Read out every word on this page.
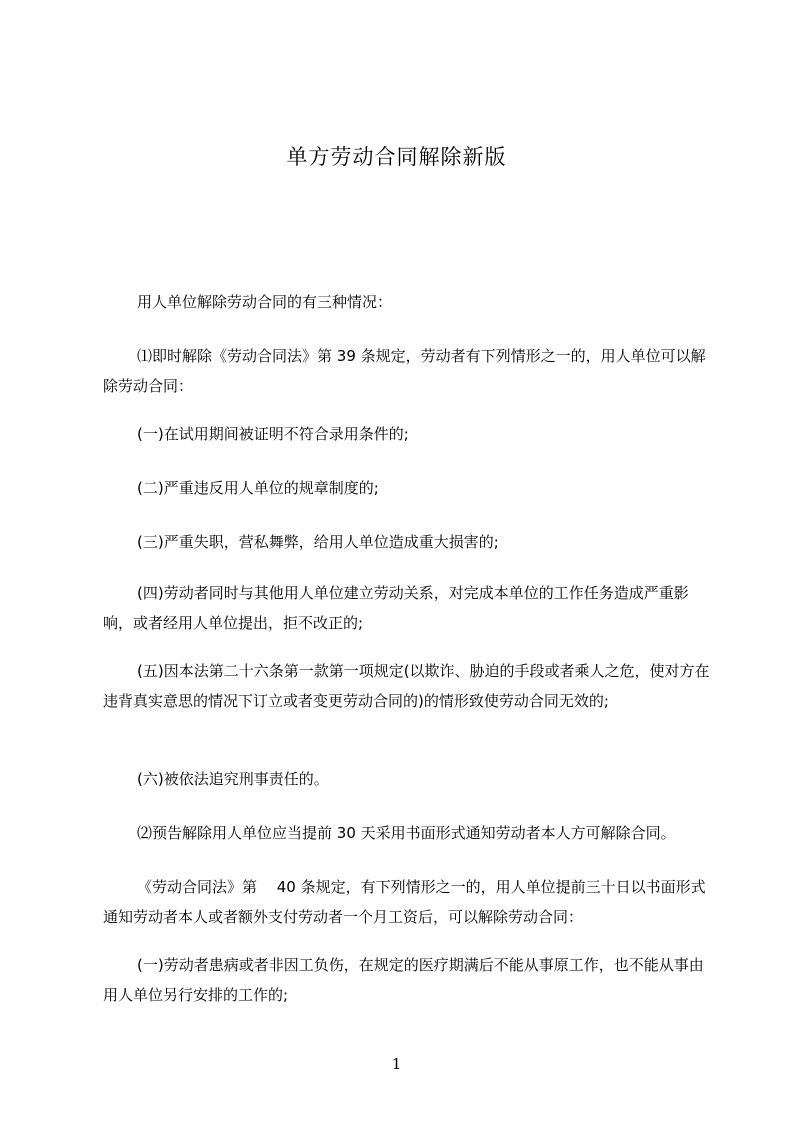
单方劳动合同解除新版
用人单位解除劳动合同的有三种情况：
⑴即时解除《劳动合同法》第 39 条规定，劳动者有下列情形之一的，用人单位可以解除劳动合同：
(一)在试用期间被证明不符合录用条件的;
(二)严重违反用人单位的规章制度的;
(三)严重失职，营私舞弊，给用人单位造成重大损害的;
(四)劳动者同时与其他用人单位建立劳动关系，对完成本单位的工作任务造成严重影响，或者经用人单位提出，拒不改正的;
(五)因本法第二十六条第一款第一项规定(以欺诈、胁迫的手段或者乘人之危，使对方在违背真实意思的情况下订立或者变更劳动合同的)的情形致使劳动合同无效的;
(六)被依法追究刑事责任的。
⑵预告解除用人单位应当提前 30 天采用书面形式通知劳动者本人方可解除合同。
《劳动合同法》第　 40 条规定，有下列情形之一的，用人单位提前三十日以书面形式通知劳动者本人或者额外支付劳动者一个月工资后，可以解除劳动合同：
(一)劳动者患病或者非因工负伤，在规定的医疗期满后不能从事原工作，也不能从事由用人单位另行安排的工作的;
1
